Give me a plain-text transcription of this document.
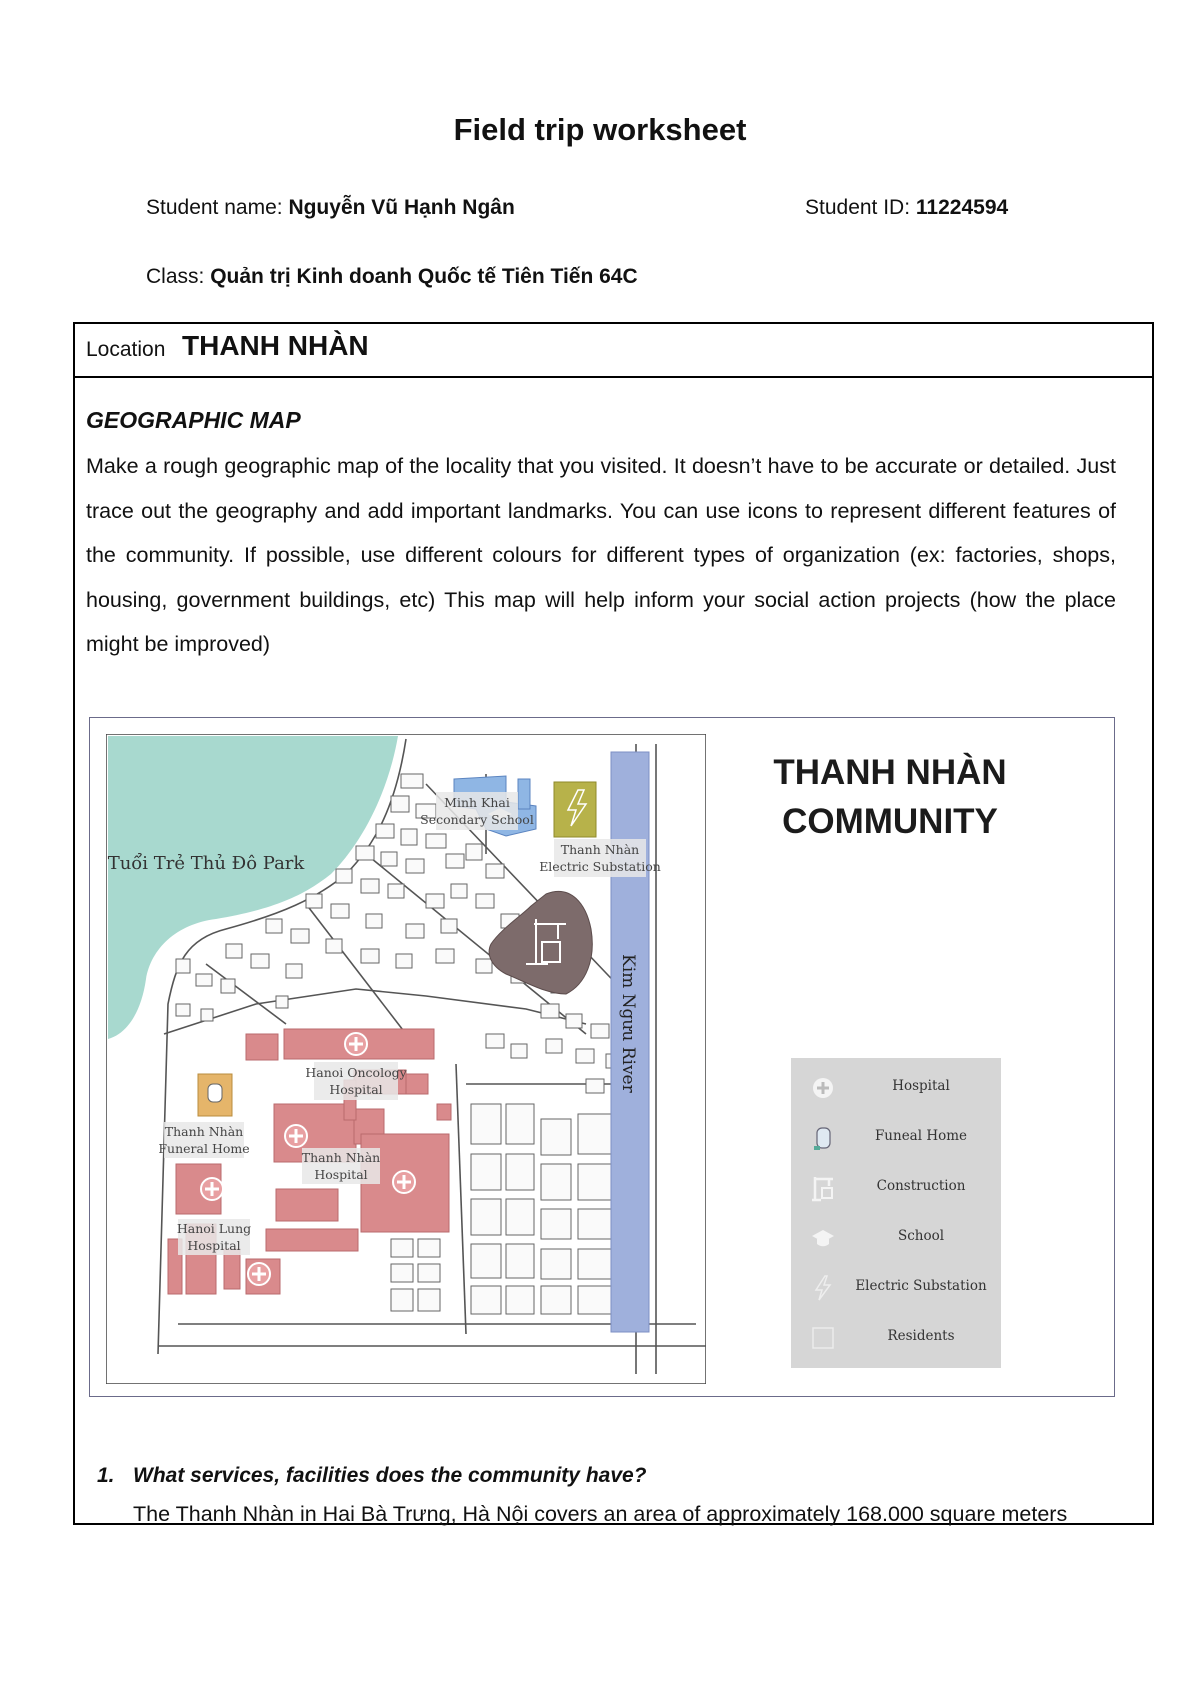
Field trip worksheet
Student name: Nguyễn Vũ Hạnh Ngân	Student ID: 11224594
Class: Quản trị Kinh doanh Quốc tế Tiên Tiến 64C
Location THANH NHÀN
GEOGRAPHIC MAP

Make a rough geographic map of the locality that you visited. It doesn’t have to be accurate or detailed. Just trace out the geography and add important landmarks. You can use icons to represent different features of the community. If possible, use different colours for different types of organization (ex: factories, shops, housing, government buildings, etc) This map will help inform your social action projects (how the place might be improved)

Minh Khai
Secondary School
Thanh Nhàn
Electric Substation
Hanoi Oncology
Hospital
Thanh Nhàn
Funeral Home
Thanh Nhàn
Hospital
Hanoi Lung
Hospital
Tuổi Trẻ Thủ Đô Park
Kim Ngưu River
THANH NHÀN
COMMUNITY
Hospital
Funeal Home
Construction
School
Electric Substation
Residents
1. What services, facilities does the community have?
The Thanh Nhàn in Hai Bà Trưng, Hà Nội covers an area of approximately 168.000 square meters
